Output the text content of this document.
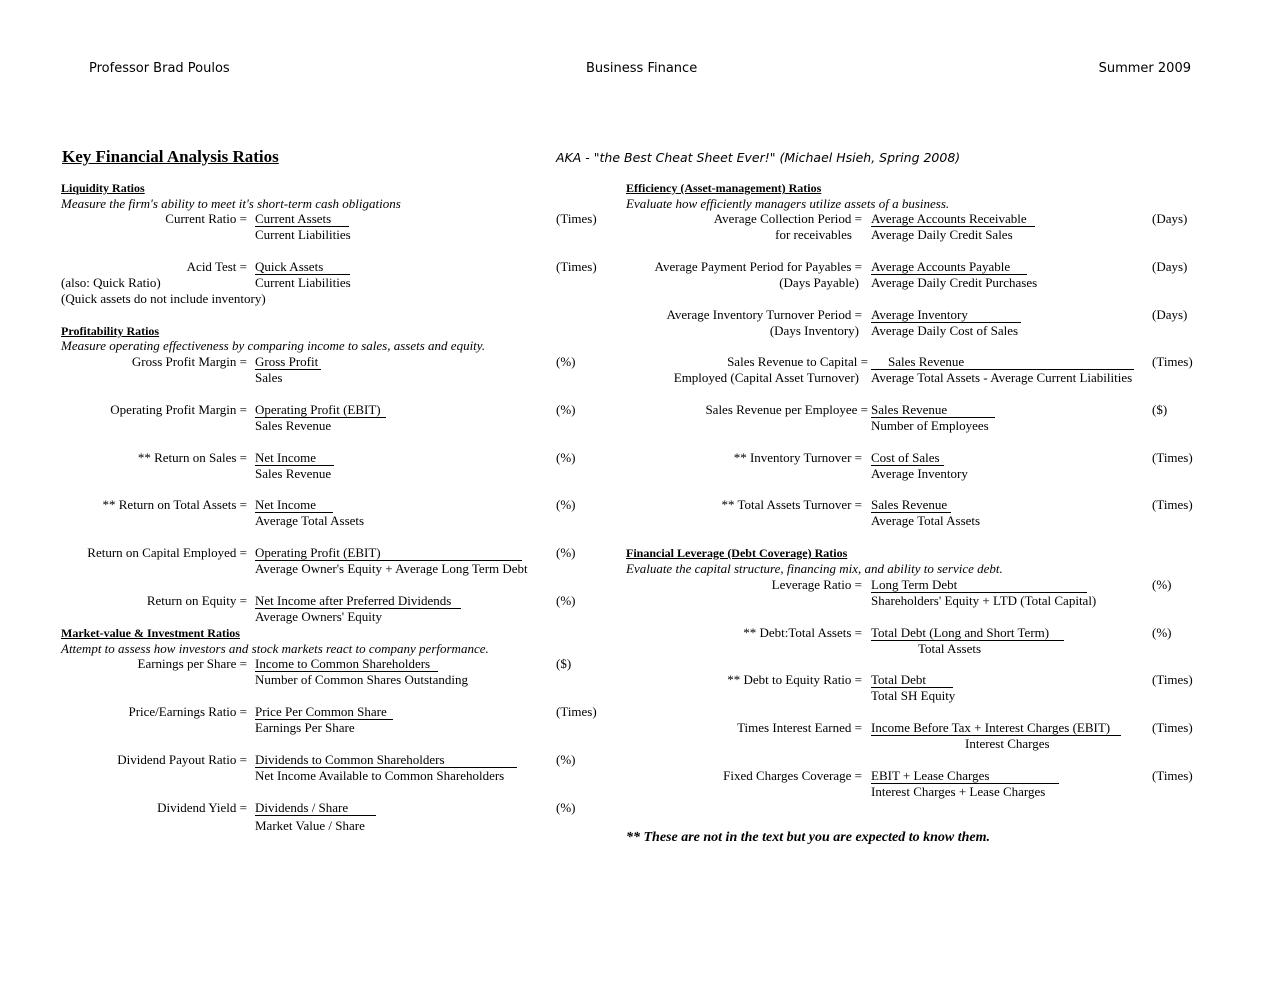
Professor Brad Poulos	Business Finance	Summer 2009
Key Financial Analysis Ratios	AKA - "the Best Cheat Sheet Ever!" (Michael Hsieh, Spring 2008)
Liquidity Ratios
Measure the firm's ability to meet it's short-term cash obligations
Current Ratio = Current Assets
Current Liabilities
(Times)
Acid Test = Quick Assets
Current Liabilities
(Times)
(also: Quick Ratio)
(Quick assets do not include inventory)
Profitability Ratios
Measure operating effectiveness by comparing income to sales, assets and equity.
Gross Profit Margin = Gross Profit
Sales
(%)
Operating Profit Margin = Operating Profit (EBIT)
Sales Revenue
(%)
** Return on Sales = Net Income
Sales Revenue
(%)
** Return on Total Assets = Net Income
Average Total Assets
(%)
Return on Capital Employed = Operating Profit (EBIT)
Average Owner's Equity + Average Long Term Debt
(%)
Return on Equity = Net Income after Preferred Dividends
Average Owners' Equity
(%)
Market-value & Investment Ratios
Attempt to assess how investors and stock markets react to company performance.
Earnings per Share = Income to Common Shareholders
Number of Common Shares Outstanding
($)
Price/Earnings Ratio = Price Per Common Share
Earnings Per Share
(Times)
Dividend Payout Ratio = Dividends to Common Shareholders
Net Income Available to Common Shareholders
(%)
Dividend Yield = Dividends / Share
Market Value / Share
(%)
Efficiency (Asset-management) Ratios
Evaluate how efficiently managers utilize assets of a business.
Average Collection Period =
for receivables
Average Accounts Receivable
Average Daily Credit Sales
(Days)
Average Payment Period for Payables =
(Days Payable)
Average Accounts Payable
Average Daily Credit Purchases
(Days)
Average Inventory Turnover Period =
(Days Inventory)
Average Inventory
Average Daily Cost of Sales
(Days)
Sales Revenue to Capital =
Employed (Capital Asset Turnover)
Sales Revenue
Average Total Assets - Average Current Liabilities
(Times)
Sales Revenue per Employee = Sales Revenue
Number of Employees
($)
** Inventory Turnover = Cost of Sales
Average Inventory
(Times)
** Total Assets Turnover = Sales Revenue
Average Total Assets
(Times)
Financial Leverage (Debt Coverage) Ratios
Evaluate the capital structure, financing mix, and ability to service debt.
Leverage Ratio = Long Term Debt
Shareholders' Equity + LTD (Total Capital)
(%)
** Debt:Total Assets = Total Debt (Long and Short Term)
Total Assets
(%)
** Debt to Equity Ratio = Total Debt
Total SH Equity
(Times)
Times Interest Earned = Income Before Tax + Interest Charges (EBIT)
Interest Charges
(Times)
Fixed Charges Coverage = EBIT + Lease Charges
Interest Charges + Lease Charges
(Times)
** These are not in the text but you are expected to know them.
